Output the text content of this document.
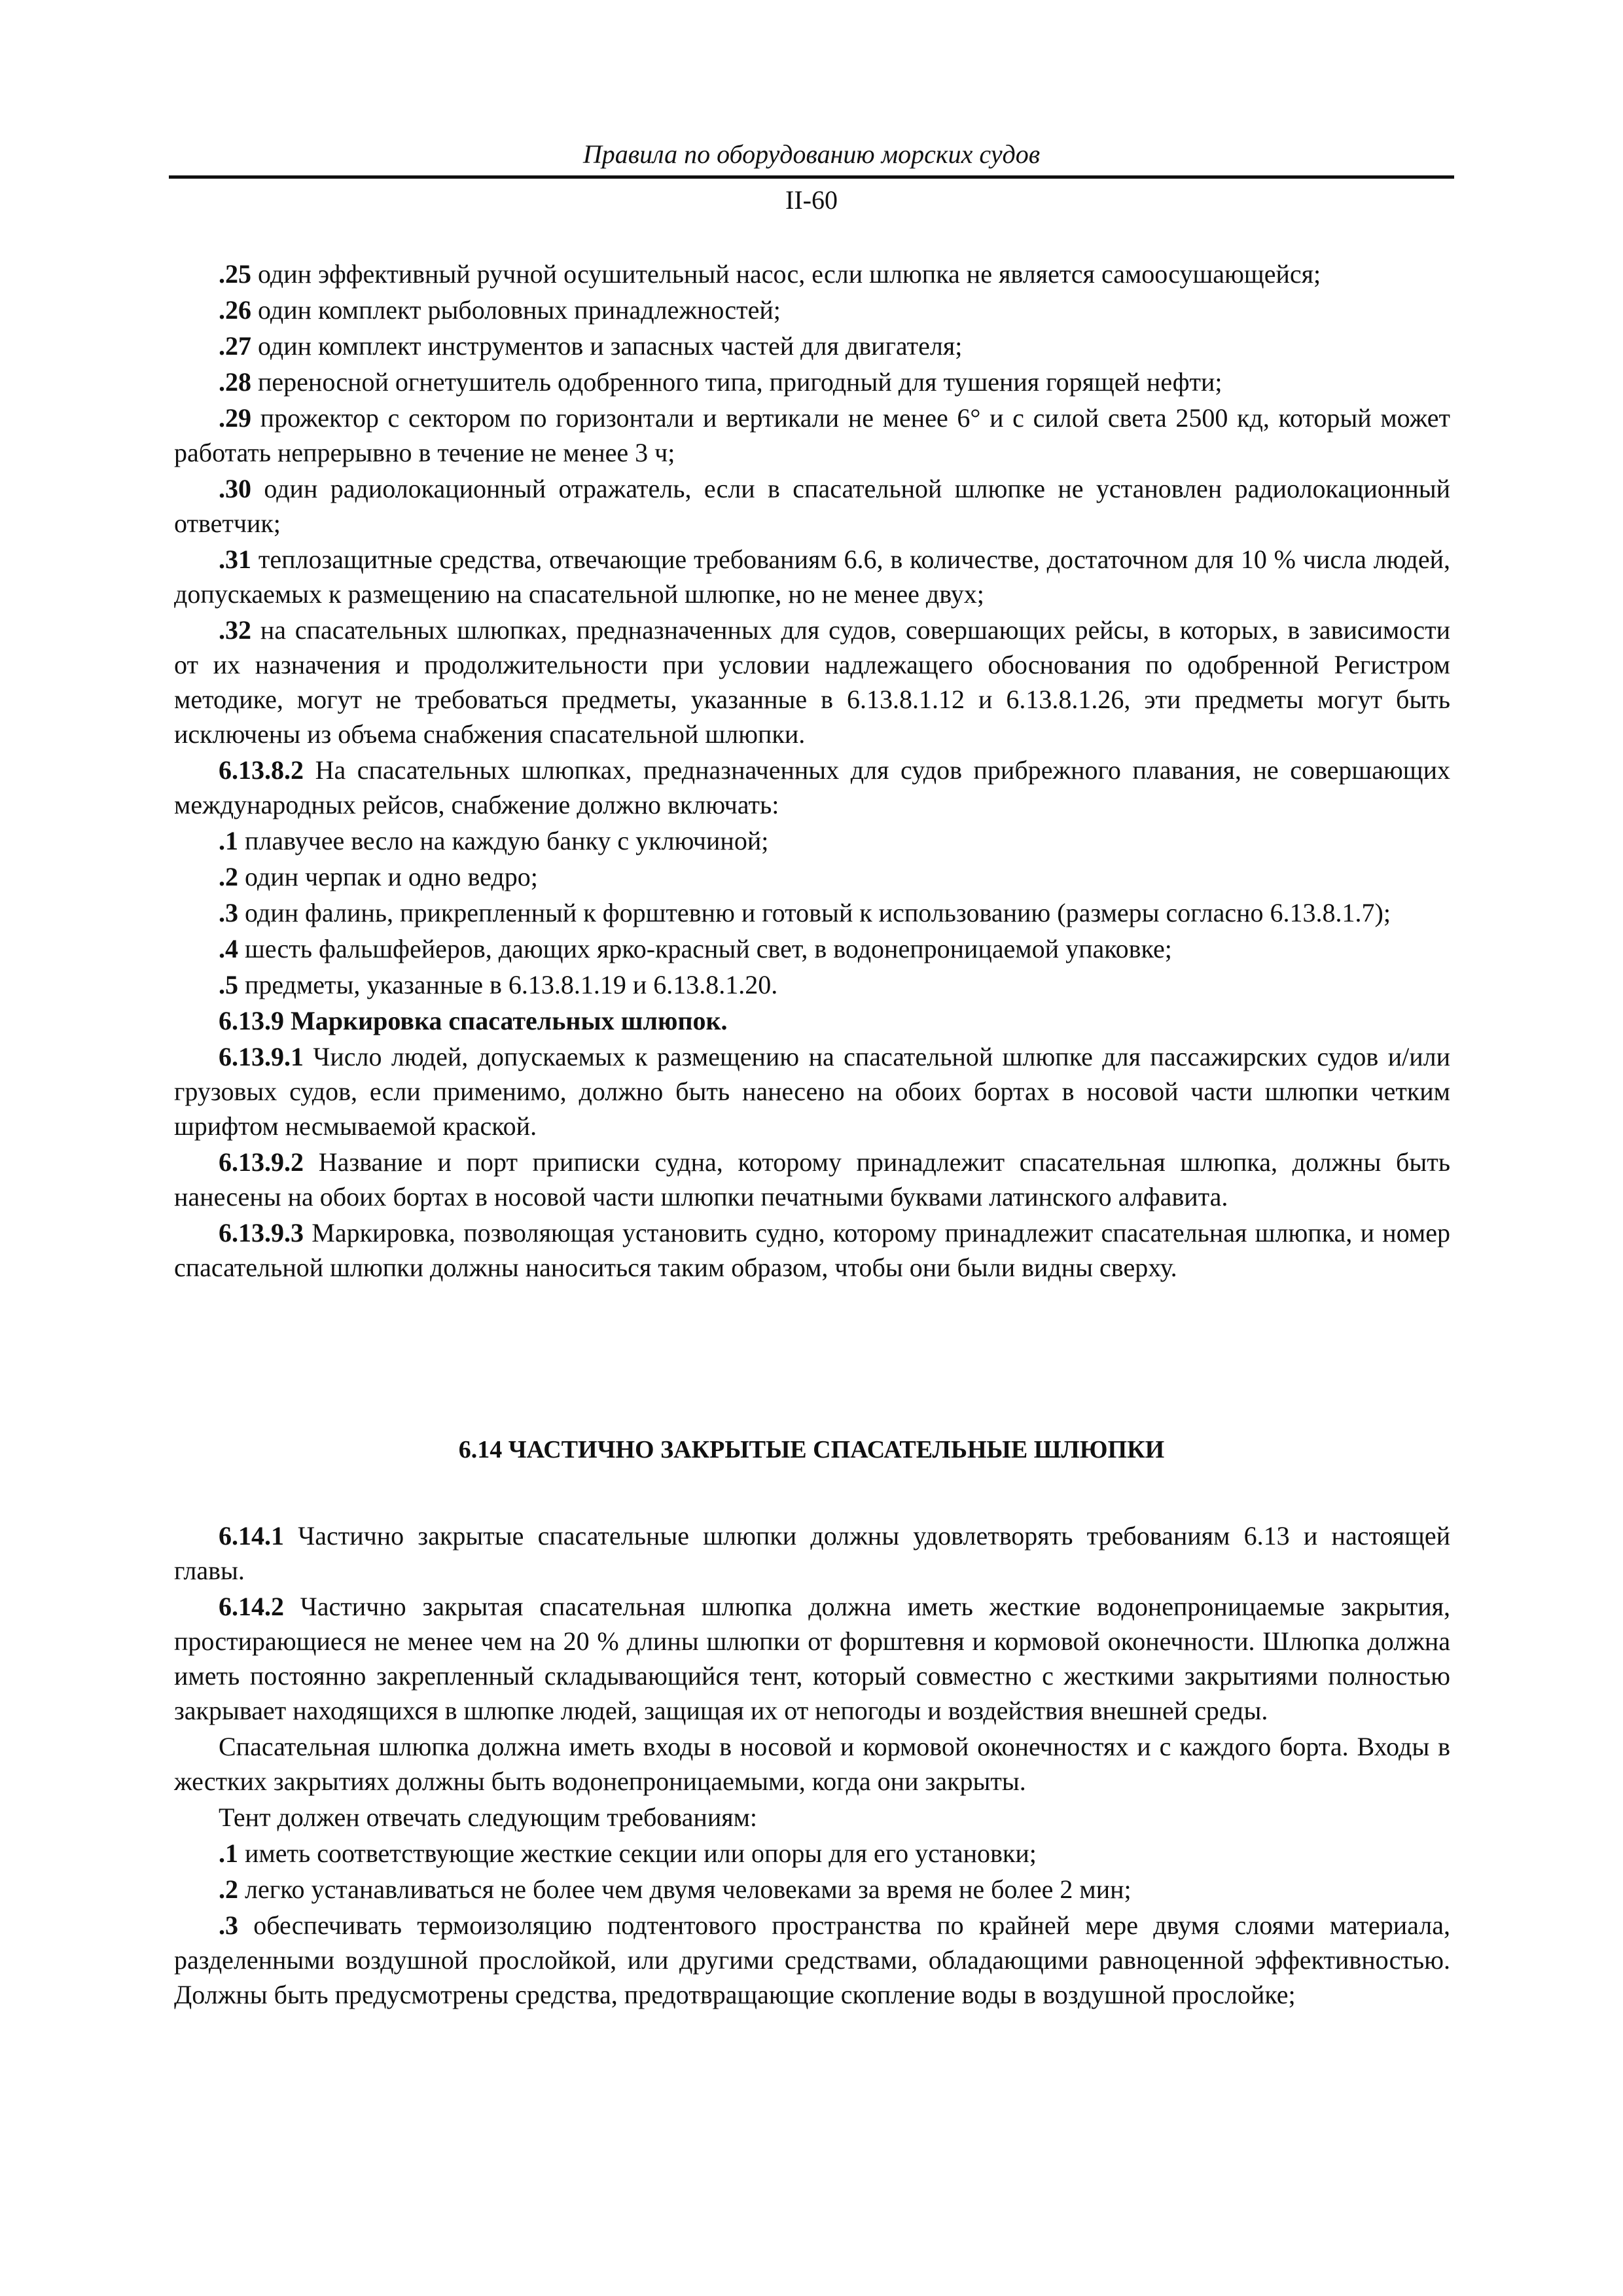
Правила по оборудованию морских судов
II-60

.25 один эффективный ручной осушительный насос, если шлюпка не является самоосушающейся;

.26 один комплект рыболовных принадлежностей;

.27 один комплект инструментов и запасных частей для двигателя;

.28 переносной огнетушитель одобренного типа, пригодный для тушения горящей нефти;

.29 прожектор с сектором по горизонтали и вертикали не менее 6° и с силой света 2500 кд, который может работать непрерывно в течение не менее 3 ч;

.30 один радиолокационный отражатель, если в спасательной шлюпке не установлен радиолокационный ответчик;

.31 теплозащитные средства, отвечающие требованиям 6.6, в количестве, достаточном для 10 % числа людей, допускаемых к размещению на спасательной шлюпке, но не менее двух;

.32 на спасательных шлюпках, предназначенных для судов, совершающих рейсы, в которых, в зависимости от их назначения и продолжительности при условии надлежащего обоснования по одобренной Регистром методике, могут не требоваться предметы, указанные в 6.13.8.1.12 и 6.13.8.1.26, эти предметы могут быть исключены из объема снабжения спасательной шлюпки.

6.13.8.2 На спасательных шлюпках, предназначенных для судов прибрежного плавания, не совершающих международных рейсов, снабжение должно включать:

.1 плавучее весло на каждую банку с уключиной;

.2 один черпак и одно ведро;

.3 один фалинь, прикрепленный к форштевню и готовый к использованию (размеры согласно 6.13.8.1.7);

.4 шесть фальшфейеров, дающих ярко-красный свет, в водонепроницаемой упаковке;

.5 предметы, указанные в 6.13.8.1.19 и 6.13.8.1.20.

6.13.9 Маркировка спасательных шлюпок.

6.13.9.1 Число людей, допускаемых к размещению на спасательной шлюпке для пассажирских судов и/или грузовых судов, если применимо, должно быть нанесено на обоих бортах в носовой части шлюпки четким шрифтом несмываемой краской.

6.13.9.2 Название и порт приписки судна, которому принадлежит спасательная шлюпка, должны быть нанесены на обоих бортах в носовой части шлюпки печатными буквами латинского алфавита.

6.13.9.3 Маркировка, позволяющая установить судно, которому принадлежит спасательная шлюпка, и номер спасательной шлюпки должны наноситься таким образом, чтобы они были видны сверху.

6.14 ЧАСТИЧНО ЗАКРЫТЫЕ СПАСАТЕЛЬНЫЕ ШЛЮПКИ

6.14.1 Частично закрытые спасательные шлюпки должны удовлетворять требованиям 6.13 и настоящей главы.

6.14.2 Частично закрытая спасательная шлюпка должна иметь жесткие водонепроницаемые закрытия, простирающиеся не менее чем на 20 % длины шлюпки от форштевня и кормовой оконечности. Шлюпка должна иметь постоянно закрепленный складывающийся тент, который совместно с жесткими закрытиями полностью закрывает находящихся в шлюпке людей, защищая их от непогоды и воздействия внешней среды.

Спасательная шлюпка должна иметь входы в носовой и кормовой оконечностях и с каждого борта. Входы в жестких закрытиях должны быть водонепроницаемыми, когда они закрыты.

Тент должен отвечать следующим требованиям:

.1 иметь соответствующие жесткие секции или опоры для его установки;

.2 легко устанавливаться не более чем двумя человеками за время не более 2 мин;

.3 обеспечивать термоизоляцию подтентового пространства по крайней мере двумя слоями материала, разделенными воздушной прослойкой, или другими средствами, обладающими равноценной эффективностью. Должны быть предусмотрены средства, предотвращающие скопление воды в воздушной прослойке;
